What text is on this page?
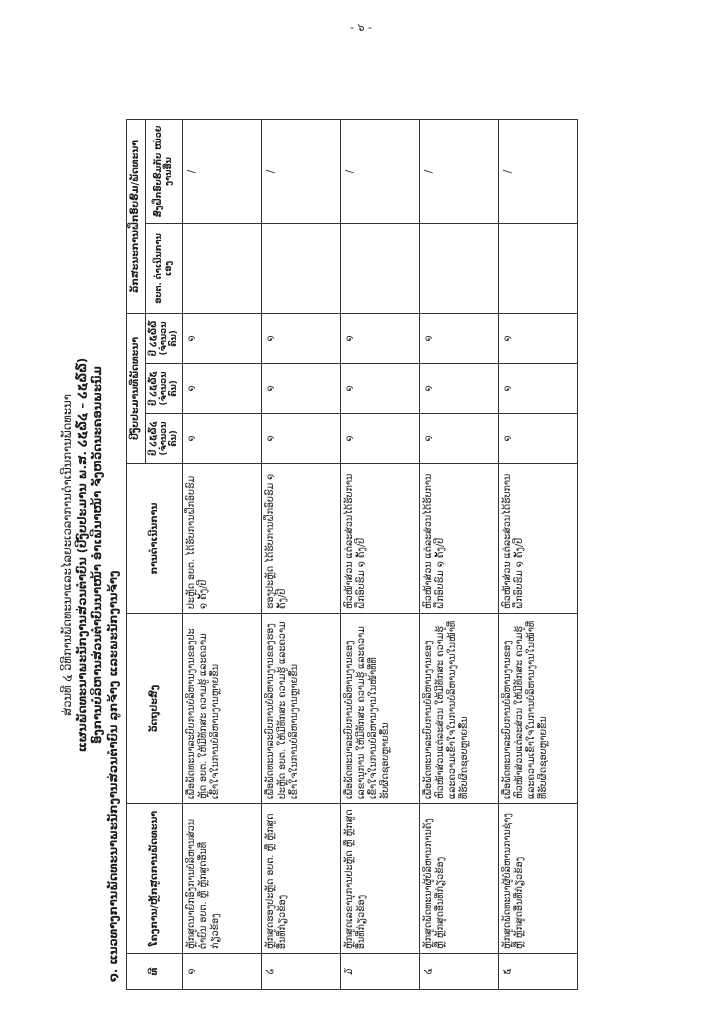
- ๖ -
ສ່ວນທີ ໔ ວິທີການພັດທະນາແລະໄລຍະເວລາການດຳເນີນການພັດທະນາ ແຜນພັດທະນາພະນັກງານສ່ວນຕຳບົນ (ປີງົບປະມານ ພ.ສ. ໒໕໖໔ – ໒໕໖໖) ອົງການບໍລິຫານສ່ວນຕຳບົນນາໜ້າ ອຳເພີນາໜ້າ ຈັງຫວັດນະຄອນພະນົມ
໑. ແນວທາງການພັດທະນາພະນັກງານສ່ວນຕຳບົນ ລູກຈ້າງ ແລະພະນັກງານຈ້າງ	ທີ	ໂຄງການ/ຫຼັກສູດການພັດທະນາ	ວັດຖຸປະສົງ	ການດຳເນີນການ	ປີງົບປະມານທີ່ພັດທະນາ			ລັກສະນະການຝຶກອົບຮົມ/ພັດທະນາ	
				ປີ ໒໕໖໔ (ຈຳນວນ ຄົນ)	ປີ ໒໕໖໕ (ຈຳນວນ ຄົນ)	ປີ ໒໕໖໖ (ຈຳນວນ ຄົນ)	ອບຕ. ດຳເນີນການເອງ	ສົ່ງຝຶກອົບຮົມກັບ ໜ່ວຍງານອື່ນ
໑	ຫຼັກສູດນາຍົກອົງການບໍລິຫານສ່ວນຕຳບົນ ອບຕ. ຫຼື ຫຼັກສູດອື່ນທີ່ກ່ຽວຂ້ອງ	ເພື່ອພັດທະນາລະບົບການບໍລິຫານງານຂອງປະຫຼັດ ອບຕ. ໃຫ້ມີທັກສະ ຄວາມຮູ້ ແລະຄວາມເຂົ້າໃຈໃນການບໍລິຫານງານຫຼາຍຂຶ້ນ	ປະຫຼັດ ອບຕ. ໄດ້ຮັບການຝຶກອົບຮົມ ໑ ຄັ້ງ/ປີ	໑	໑	໑		/

໒	ຫຼັກສູດຮອງປະຫຼັດ ອບຕ. ຫຼື ຫຼັກສູດອື່ນທີ່ກ່ຽວຂ້ອງ	ເພື່ອພັດທະນາລະບົບການບໍລິຫານງານຂອງຮອງປະຫຼັດ ອບຕ. ໃຫ້ມີທັກສະ ຄວາມຮູ້ ແລະຄວາມເຂົ້າໃຈໃນການບໍລິຫານງານຫຼາຍຂຶ້ນ	ຮອງປະຫຼັດ ໄດ້ຮັບການຝຶກອົບຮົມ ໑ ຄັ້ງ/ປີ	໑	໑	໑		/

໓	ຫຼັກສູດເລຂານຸການປະຫຼັດ ຫຼື ຫຼັກສູດອື່ນທີ່ກ່ຽວຂ້ອງ	ເພື່ອພັດທະນາລະບົບການບໍລິຫານງານຂອງເລຂານຸການ ໃຫ້ມີທັກສະ ຄວາມຮູ້ ແລະຄວາມເຂົ້າໃຈໃນການບໍລິຫານງານໃນໜ້າທີ່ທີ່ຮັບຜິດຊອບຫຼາຍຂຶ້ນ	ຫົວໜ້າສ່ວນ ແຕ່ລະສ່ວນໄດ້ຮັບການຝຶກອົບຮົມ ໑ ຄັ້ງ/ປີ	໑	໑	໑		/

໔	ຫຼັກສູດພັດທະນາຜູ້ບໍລິຫານການຄັງ ຫຼື ຫຼັກສູດອື່ນທີ່ກ່ຽວຂ້ອງ	ເພື່ອພັດທະນາລະບົບການບໍລິຫານງານຂອງຫົວໜ້າສ່ວນແຕ່ລະສ່ວນ ໃຫ້ມີທັກສະ ຄວາມຮູ້ ແລະຄວາມເຂົ້າໃຈໃນການບໍລິຫານງານໃນໜ້າທີ່ທີ່ຮັບຜິດຊອບຫຼາຍຂຶ້ນ	ຫົວໜ້າສ່ວນ ແຕ່ລະສ່ວນໄດ້ຮັບການຝຶກອົບຮົມ ໑ ຄັ້ງ/ປີ	໑	໑	໑		/

໕	ຫຼັກສູດພັດທະນາຜູ້ບໍລິຫານການຊ່າງ ຫຼື ຫຼັກສູດອື່ນທີ່ກ່ຽວຂ້ອງ	ເພື່ອພັດທະນາລະບົບການບໍລິຫານງານຂອງຫົວໜ້າສ່ວນແຕ່ລະສ່ວນ ໃຫ້ມີທັກສະ ຄວາມຮູ້ ແລະຄວາມເຂົ້າໃຈໃນການບໍລິຫານງານໃນໜ້າທີ່ທີ່ຮັບຜິດຊອບຫຼາຍຂຶ້ນ	ຫົວໜ້າສ່ວນ ແຕ່ລະສ່ວນໄດ້ຮັບການຝຶກອົບຮົມ ໑ ຄັ້ງ/ປີ	໑	໑	໑		/
